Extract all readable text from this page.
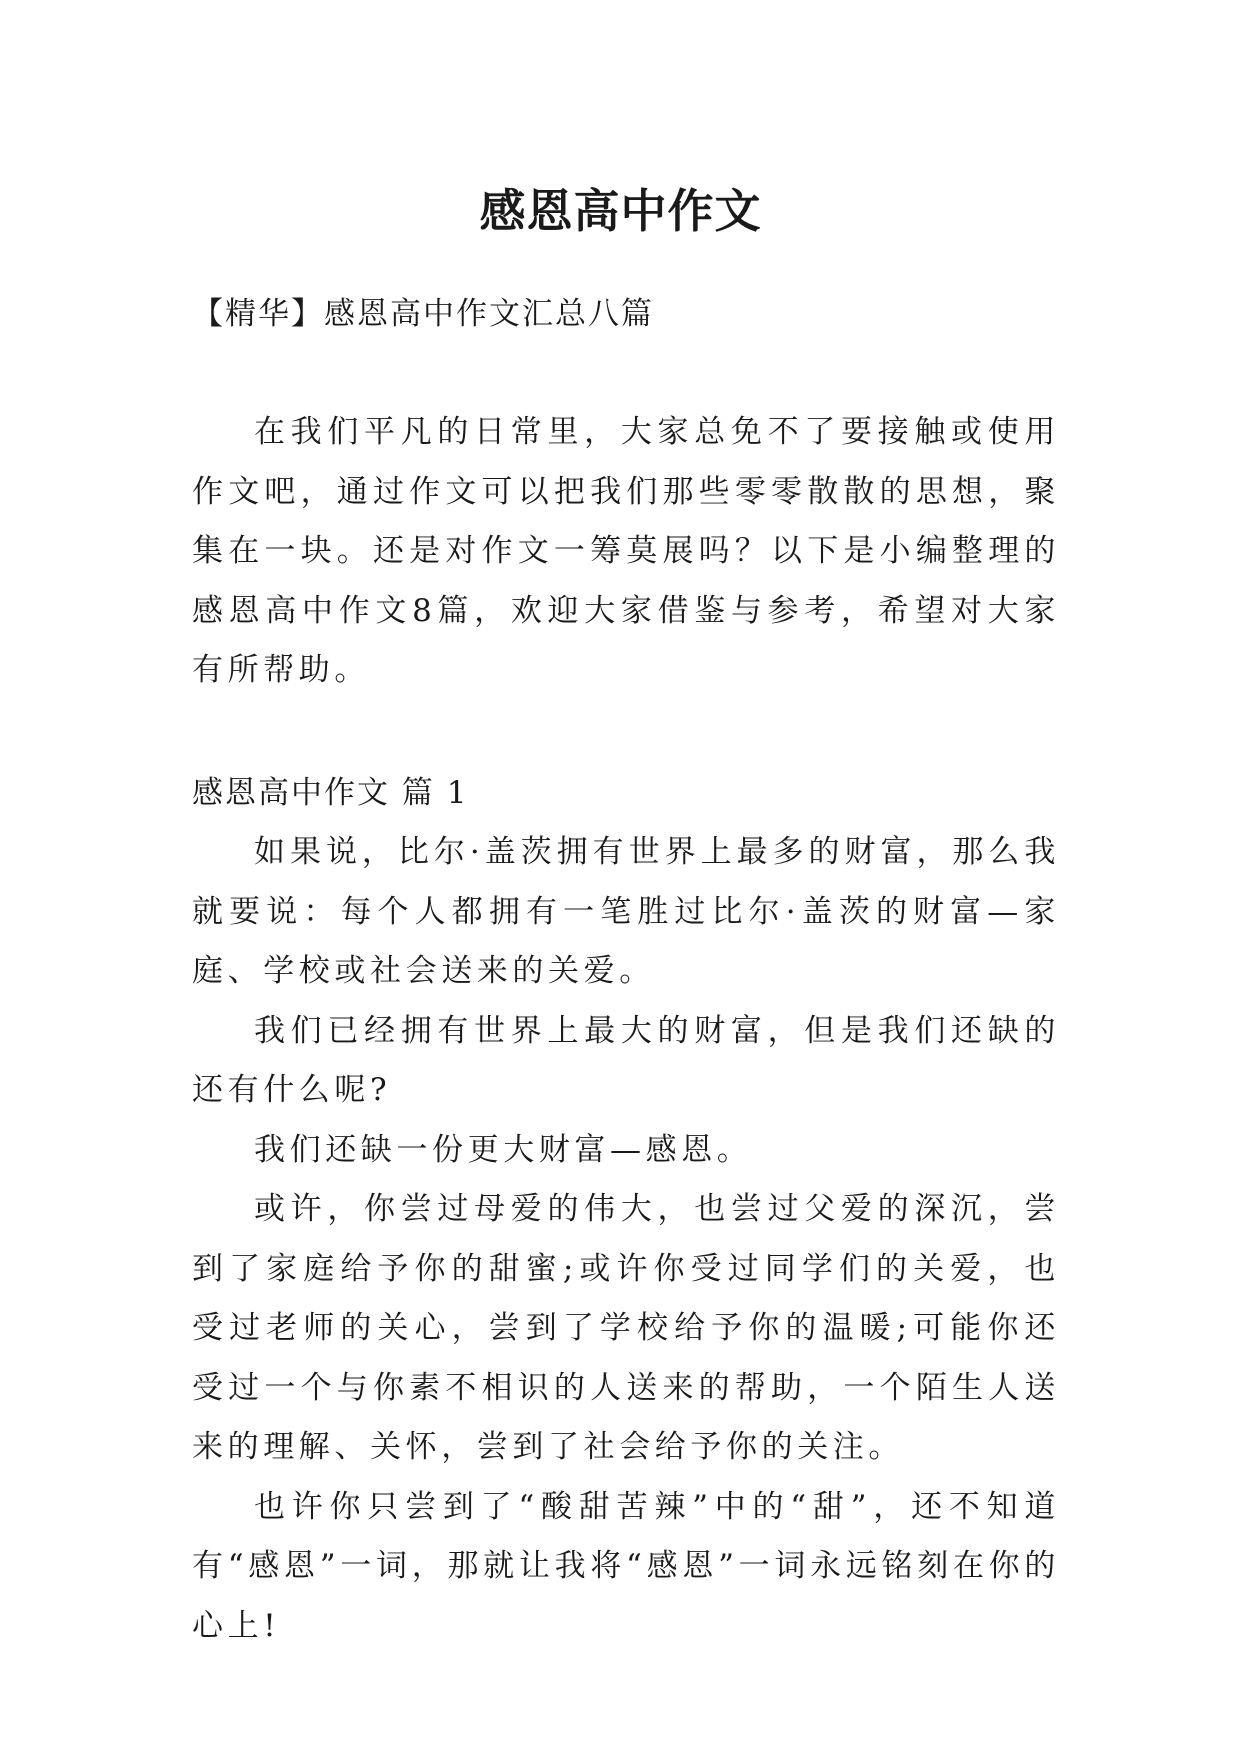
感恩高中作文
【精华】感恩高中作文汇总八篇

在我们平凡的日常里，大家总免不了要接触或使用作文吧，通过作文可以把我们那些零零散散的思想，聚集在一块。还是对作文一筹莫展吗？以下是小编整理的感恩高中作文8篇，欢迎大家借鉴与参考，希望对大家有所帮助。

感恩高中作文 篇 1

如果说，比尔·盖茨拥有世界上最多的财富，那么我就要说：每个人都拥有一笔胜过比尔·盖茨的财富—家庭、学校或社会送来的关爱。

我们已经拥有世界上最大的财富，但是我们还缺的还有什么呢?

我们还缺一份更大财富—感恩。

或许，你尝过母爱的伟大，也尝过父爱的深沉，尝到了家庭给予你的甜蜜;或许你受过同学们的关爱，也受过老师的关心，尝到了学校给予你的温暖;可能你还受过一个与你素不相识的人送来的帮助，一个陌生人送来的理解、关怀，尝到了社会给予你的关注。

也许你只尝到了“酸甜苦辣”中的“甜”，还不知道有“感恩”一词，那就让我将“感恩”一词永远铭刻在你的心上!
